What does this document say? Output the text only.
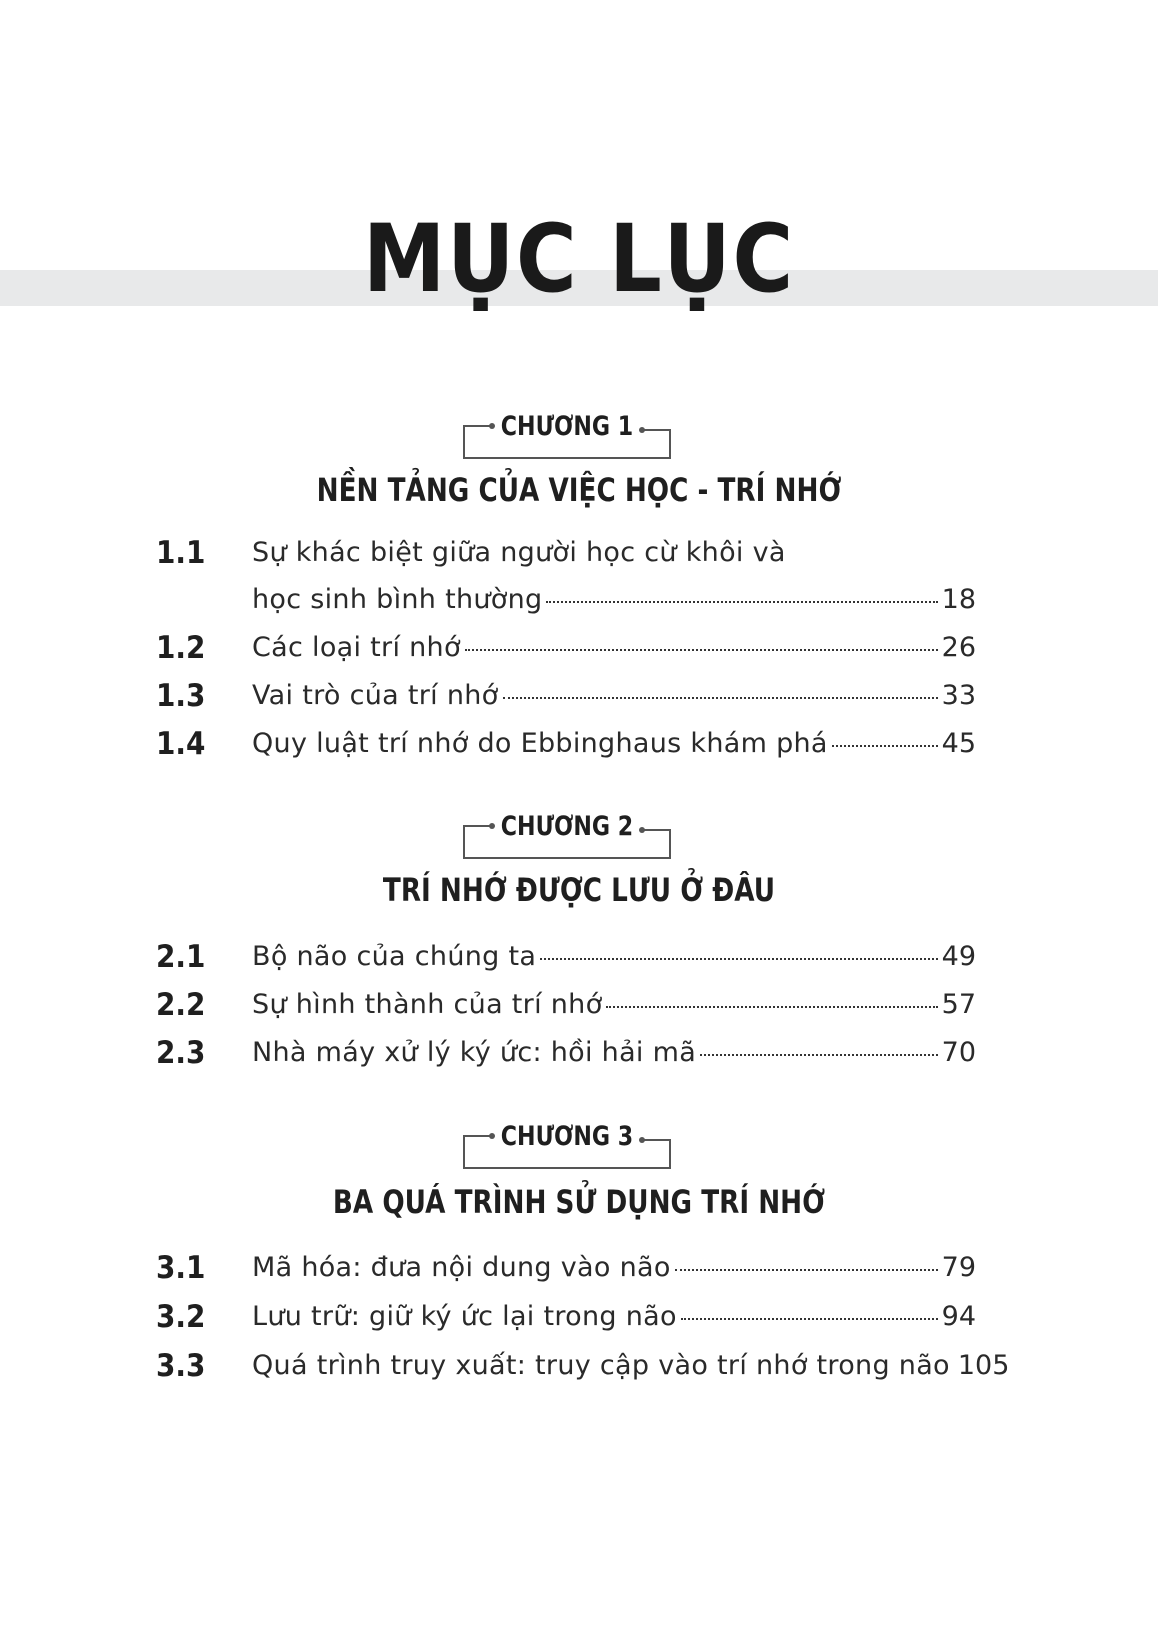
MỤC LỤC
CHƯƠNG 1
NỀN TẢNG CỦA VIỆC HỌC - TRÍ NHỚ
1.1	Sự khác biệt giữa người học cừ khôi và
học sinh bình thường	18
1.2	Các loại trí nhớ	26
1.3	Vai trò của trí nhớ	33
1.4	Quy luật trí nhớ do Ebbinghaus khám phá	45
CHƯƠNG 2
TRÍ NHỚ ĐƯỢC LƯU Ở ĐÂU
2.1	Bộ não của chúng ta	49
2.2	Sự hình thành của trí nhớ	57
2.3	Nhà máy xử lý ký ức: hồi hải mã	70
CHƯƠNG 3
BA QUÁ TRÌNH SỬ DỤNG TRÍ NHỚ
3.1	Mã hóa: đưa nội dung vào não	79
3.2	Lưu trữ: giữ ký ức lại trong não	94
3.3	Quá trình truy xuất: truy cập vào trí nhớ trong não 105
